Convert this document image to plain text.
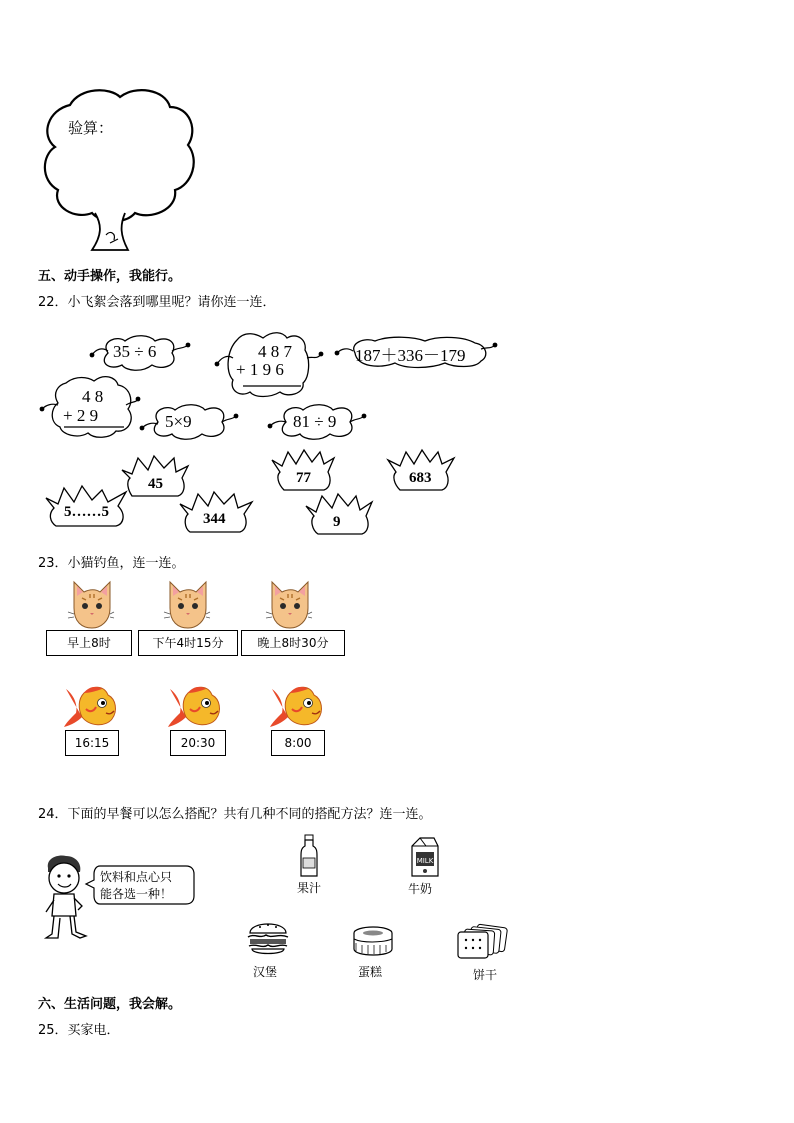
验算：
五、动手操作，我能行。
22．小飞絮会落到哪里呢？请你连一连．
35 ÷ 6	4 8 7
+ 1 9 6
187＋336－179
4 8
+ 2 9	5×9	81 ÷ 9
5……5
45
344
77
9
683
23．小猫钓鱼，连一连。
早上8时	下午4时15分	晚上8时30分
16:15	20:30	8:00
24．下面的早餐可以怎么搭配？共有几种不同的搭配方法？连一连。
饮料和点心只
能各选一种！	果汁
MILK
牛奶
汉堡	蛋糕	饼干
六、生活问题，我会解。
25．买家电．
